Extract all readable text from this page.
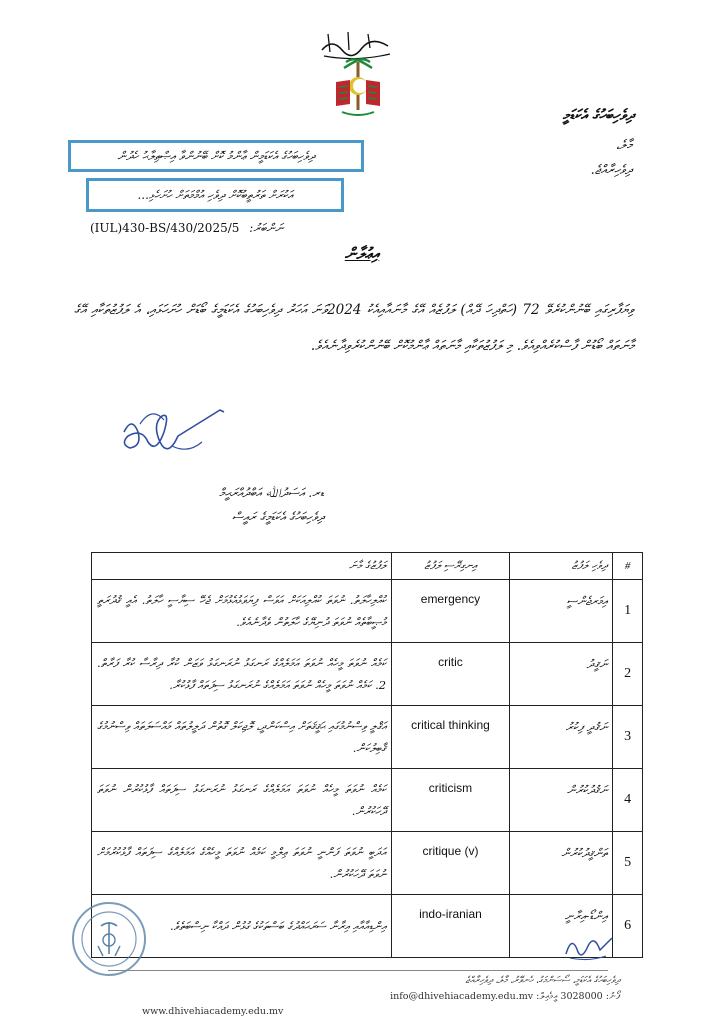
ދިވެހިބަހުގެ އެކަޑަމީ
މާލެ،
ދިވެހިރާއްޖެ.
ދިވެހިބަހުގެ އެކަޑަމީން ޢާންމު ކޮށް ބޭނުންވާ އިޞްޠިލާޙު ހެދުން
އަކުރަށް ތަރުތީބުކޮށް ދިވެހި އުމްމަތަށް ހުށަހެޅި...
(IUL)430-BS/430/2025/5 ނަންބަރު:
އިޢުލާން
ވިޔަފާރިގައި ބޭނުންކުރެވޭ 72 (ހަތްދިހަ ދޭއް) ލަފުޒެއް އޭގެ މާނައާއިއެކު 2024ވަނަ އަހަރު ދިވެހިބަހުގެ އެކަޑަމީގެ ބޯޑަށް ހުށަހަޅައި، އެ ލަފުޒުތަކާއި އޭގެ މާނަތައް ބޯޑުން ފާސްކުރެއްވިއެވެ. މި ލަފުޒުތަކާއި މާނަތައް ޢާންމުކޮށް ބޭނުންކުރެވިދާނެއެވެ.
ޑރ. އަސަދުﷲ އަބްދުއްރަޙީމް
ދިވެހިބަހުގެ އެކަޑަމީގެ ރައީސް
ލަފުޒުގެ މާނަ	އިނގިރޭސި ލަފުޒު	ދިވެހި ލަފުޒު	#
ކުއްލިހާލަތު. ނުވަތަ ކުއްލިއަކަށް އަވަސް ފިޔަވަޅުއެޅުމަށް ޖެހޭ ސިޔާސީ ހާލަތު. އެއީ ޤުދުރަތީ މުޞީބާތެއް ނުވަތަ ދުނިޔޭގެ ހާލަތުން ވެދާނެއެވެ.	emergency	އިމަރޖެންސީ	1
ކަމެއް ނުވަތަ މީހެއް ނުވަތަ އަމަލެއްގެ ރަނގަޅު ނުރަނގަޅު ވަޒަން ކުރާ ދިރާސާ ކުރާ ފަރާތް. 2. ކަމެއް ނުވަތަ މީހެއް ނުވަތަ އަމަލެއްގެ ނުރަނގަޅު ސިފަތައް ފާޅުކުރާ.	critic	ނަޤީދު	2
އަޤްލީ ވިސްނުމުގައި ޙަޤީޤަތަށް އިސްކަންދީ، ލޮޖިކަލް ގޮތުން ދަލީލުތައް މައްސަލަތައް ވިސްނުމުގެ ޤާބިލުކަން.	critical thinking	ނަޤުދީ ފިކުރު	3
ކަމެއް ނުވަތަ މީހެއް ނުވަތަ އަމަލެއްގެ ރަނގަޅު ނުރަނގަޅު ސިފަތައް ފާޅުކުރުން ނުވަތަ ދޭހަކުރުން.	criticism	ނަޤުދުކުރުން	4
އަދަބީ ނުވަތަ ފަންނީ ނުވަތަ ޢިލްމީ ކަމެއް ނުވަތަ މީހެއްގެ އަމަލެއްގެ ސިފަތައް ފާޅުކުރުމަށް ނުވަތަ ދޭހަކުރުން.	critique (v)	ތަންޤީދުކުރުން	5
އިންޑިއާއާއި އިރާނާ ސަރަޙައްދުގެ ބަސްތަކުގެ ގުޅުން ދައްކާ ނިސްބަތެވެ.	indo-iranian	އިންޑޯ-އިރާނީ	6
ދިވެހިބަހުގެ އެކަޑަމީ، ސޯސަންމަގު، ހެނވޭރު، މާލެ، ދިވެހިރާއްޖެ
ފޯނު: 3028000 އީމެއިލް: info@dhivehiacademy.edu.mv
www.dhivehiacademy.edu.mv
